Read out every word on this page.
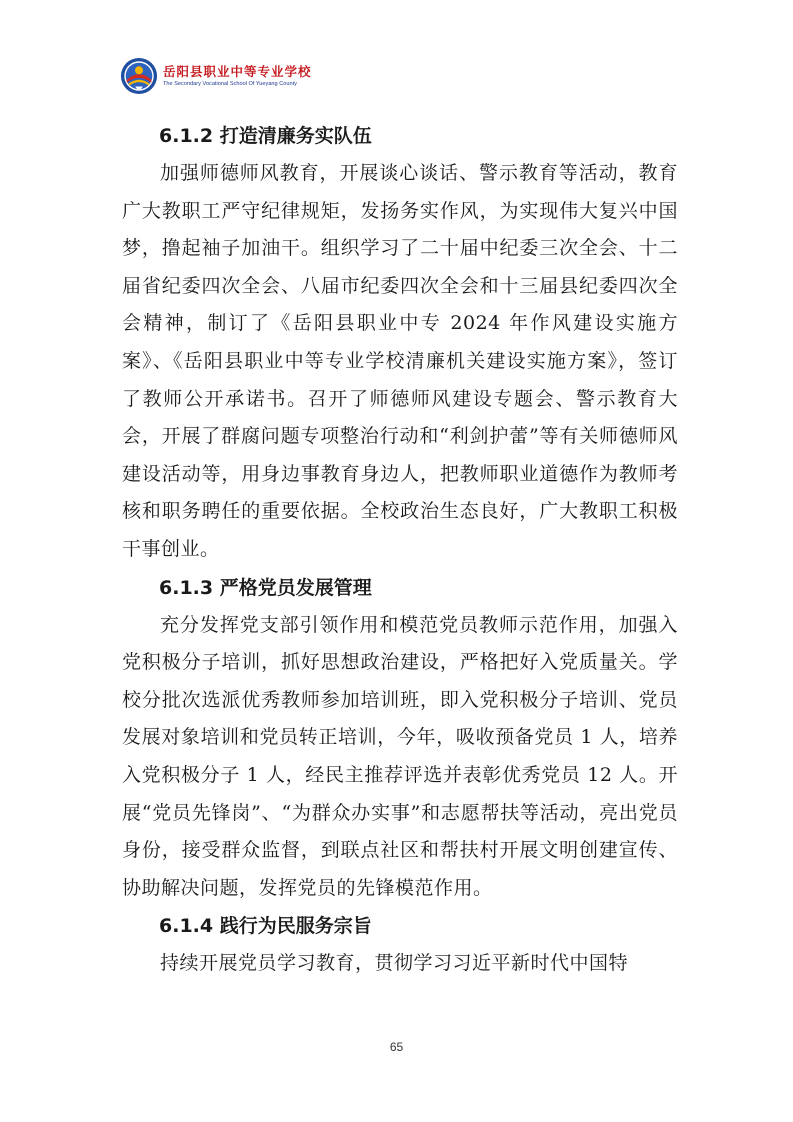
岳阳县职业中等专业学校
The Secondary Vocational School Of Yueyang County
6.1.2 打造清廉务实队伍

加强师德师风教育，开展谈心谈话、警示教育等活动，教育广大教职工严守纪律规矩，发扬务实作风，为实现伟大复兴中国梦，撸起袖子加油干。组织学习了二十届中纪委三次全会、十二届省纪委四次全会、八届市纪委四次全会和十三届县纪委四次全会精神，制订了《岳阳县职业中专 2024 年作风建设实施方案》、《岳阳县职业中等专业学校清廉机关建设实施方案》，签订了教师公开承诺书。召开了师德师风建设专题会、警示教育大会，开展了群腐问题专项整治行动和“利剑护蕾”等有关师德师风建设活动等，用身边事教育身边人，把教师职业道德作为教师考核和职务聘任的重要依据。全校政治生态良好，广大教职工积极干事创业。

6.1.3 严格党员发展管理

充分发挥党支部引领作用和模范党员教师示范作用，加强入党积极分子培训，抓好思想政治建设，严格把好入党质量关。学校分批次选派优秀教师参加培训班，即入党积极分子培训、党员发展对象培训和党员转正培训，今年，吸收预备党员 1 人，培养入党积极分子 1 人，经民主推荐评选并表彰优秀党员 12 人。开展“党员先锋岗”、“为群众办实事”和志愿帮扶等活动，亮出党员身份，接受群众监督，到联点社区和帮扶村开展文明创建宣传、协助解决问题，发挥党员的先锋模范作用。

6.1.4 践行为民服务宗旨

持续开展党员学习教育，贯彻学习习近平新时代中国特

65
